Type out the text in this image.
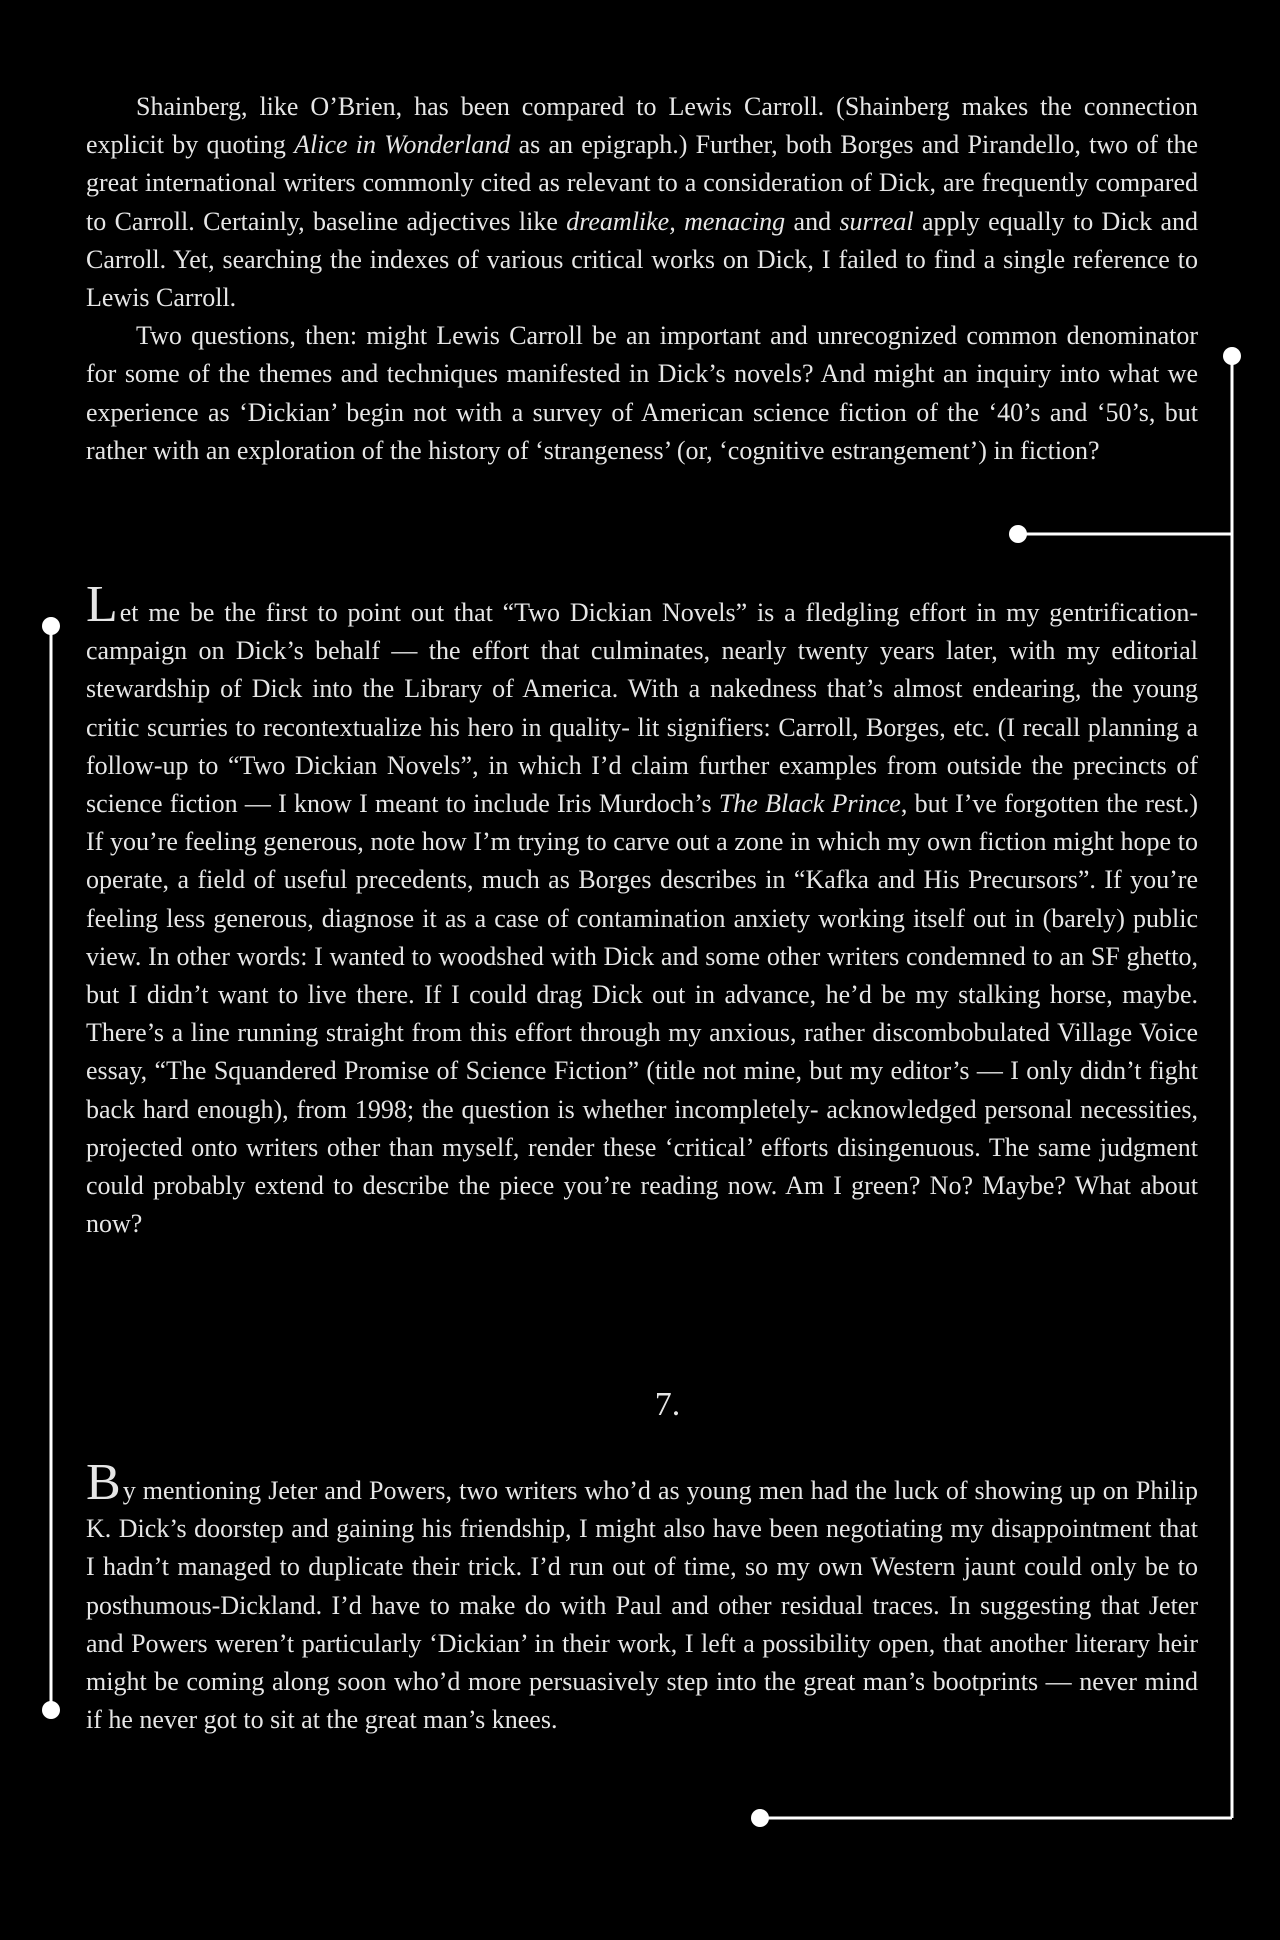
Shainberg, like O’Brien, has been compared to Lewis Carroll. (Shainberg makes the connection explicit by quoting Alice in Wonderland as an epigraph.) Further, both Borges and Pirandello, two of the great international writers commonly cited as relevant to a consideration of Dick, are frequently compared to Carroll. Certainly, baseline adjectives like dreamlike, menacing and surreal apply equally to Dick and Carroll. Yet, searching the indexes of various critical works on Dick, I failed to find a single reference to Lewis Carroll.

Two questions, then: might Lewis Carroll be an important and unrecognized common denominator for some of the themes and techniques manifested in Dick’s novels? And might an inquiry into what we experience as ‘Dickian’ begin not with a survey of American science fiction of the ‘40’s and ‘50’s, but rather with an exploration of the history of ‘strangeness’ (or, ‘cognitive estrangement’) in fiction?

Let me be the first to point out that “Two Dickian Novels” is a fledgling effort in my gentrification-campaign on Dick’s behalf — the effort that culminates, nearly twenty years later, with my editorial stewardship of Dick into the Library of America. With a nakedness that’s almost endearing, the young critic scurries to recontextualize his hero in quality- lit signifiers: Carroll, Borges, etc. (I recall planning a follow-up to “Two Dickian Novels”, in which I’d claim further examples from outside the precincts of science fiction — I know I meant to include Iris Murdoch’s The Black Prince, but I’ve forgotten the rest.) If you’re feeling generous, note how I’m trying to carve out a zone in which my own fiction might hope to operate, a field of useful precedents, much as Borges describes in “Kafka and His Precursors”. If you’re feeling less generous, diagnose it as a case of contamination anxiety working itself out in (barely) public view. In other words: I wanted to woodshed with Dick and some other writers condemned to an SF ghetto, but I didn’t want to live there. If I could drag Dick out in advance, he’d be my stalking horse, maybe. There’s a line running straight from this effort through my anxious, rather discombobulated Village Voice essay, “The Squandered Promise of Science Fiction” (title not mine, but my editor’s — I only didn’t fight back hard enough), from 1998; the question is whether incompletely- acknowledged personal necessities, projected onto writers other than myself, render these ‘critical’ efforts disingenuous. The same judgment could probably extend to describe the piece you’re reading now. Am I green? No? Maybe? What about now?

7.

By mentioning Jeter and Powers, two writers who’d as young men had the luck of showing up on Philip K. Dick’s doorstep and gaining his friendship, I might also have been negotiating my disappointment that I hadn’t managed to duplicate their trick. I’d run out of time, so my own Western jaunt could only be to posthumous-Dickland. I’d have to make do with Paul and other residual traces. In suggesting that Jeter and Powers weren’t particularly ‘Dickian’ in their work, I left a possibility open, that another literary heir might be coming along soon who’d more persuasively step into the great man’s bootprints — never mind if he never got to sit at the great man’s knees.
